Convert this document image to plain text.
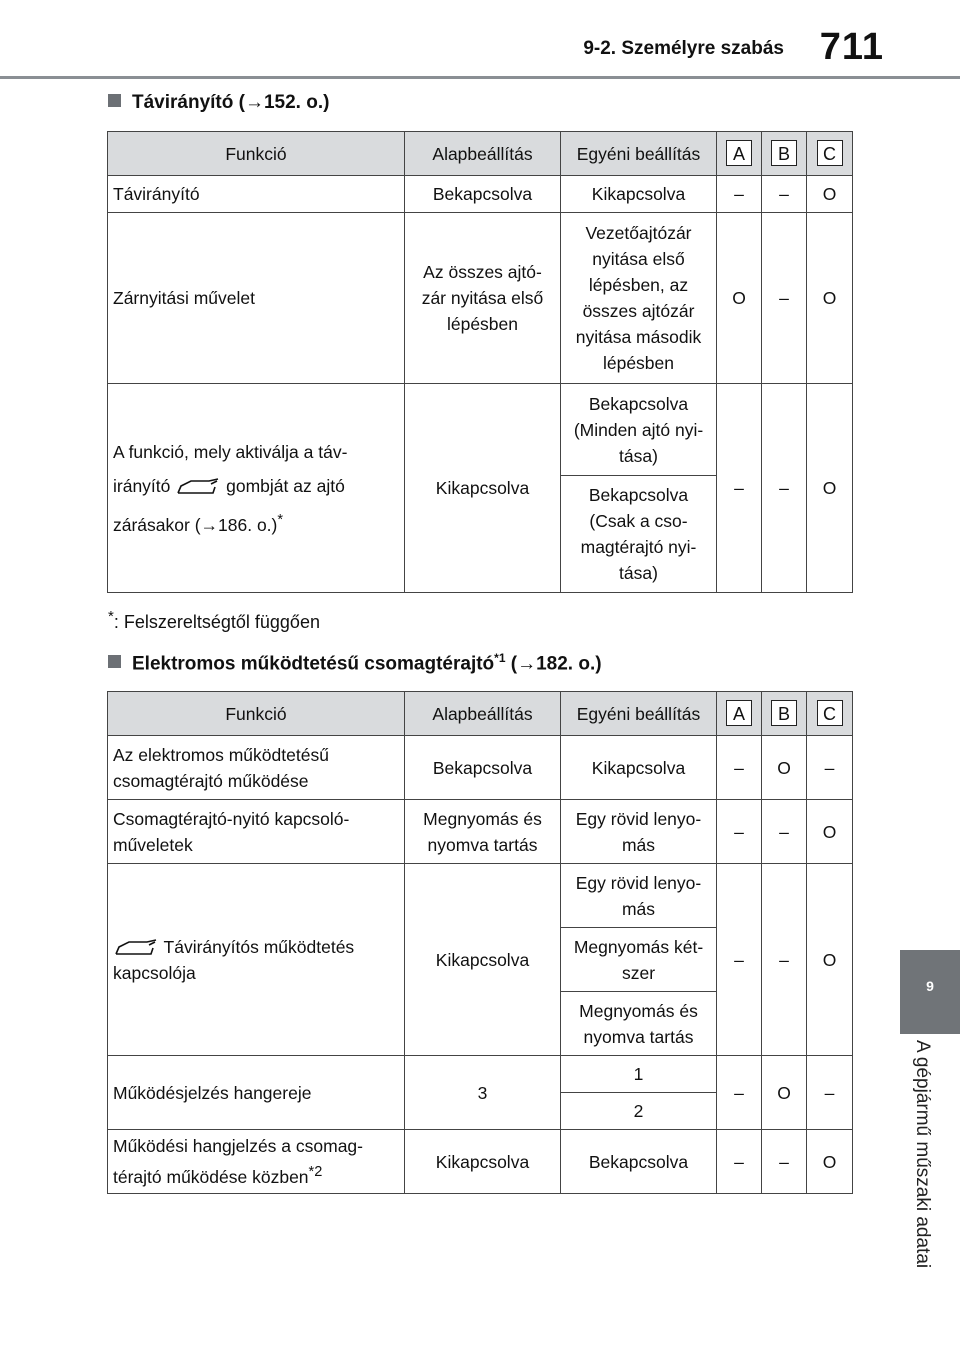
9-2. Személyre szabás 711
9
A gépjármű műszaki adatai
Távirányító (→152. o.)
Funkció	Alapbeállítás	Egyéni beállítás	A	B	C
Távirányító	Bekapcsolva	Kikapcsolva	–	–	O
Zárnyitási művelet	Az összes ajtó-zár nyitása első lépésben	Vezetőajtózár nyitása első lépésben, az összes ajtózár nyitása második lépésben	O	–	O
A funkció, mely aktiválja a táv-irányító gombját az ajtó zárásakor (→186. o.)*	Kikapcsolva	Bekapcsolva (Minden ajtó nyi-tása)	–	–	O
		Bekapcsolva (Csak a cso-magtérajtó nyi-tása)			
*: Felszereltségtől függően
Elektromos működtetésű csomagtérajtó$^{*1}$ (→182. o.)
Funkció	Alapbeállítás	Egyéni beállítás	A	B	C
Az elektromos működtetésű csomagtérajtó működése	Bekapcsolva	Kikapcsolva	–	O	–
Csomagtérajtó-nyitó kapcsoló-műveletek	Megnyomás és nyomva tartás	Egy rövid lenyo-más	–	–	O
Távirányítós működtetés kapcsolója	Kikapcsolva	Egy rövid lenyo-más	–	–	O
		Megnyomás két-szer			
		Megnyomás és nyomva tartás			
Működésjelzés hangereje	3	1	–	O	–
		2			
Működési hangjelzés a csomag-térajtó működése közben$^{*2}$	Kikapcsolva	Bekapcsolva	–	–	O
